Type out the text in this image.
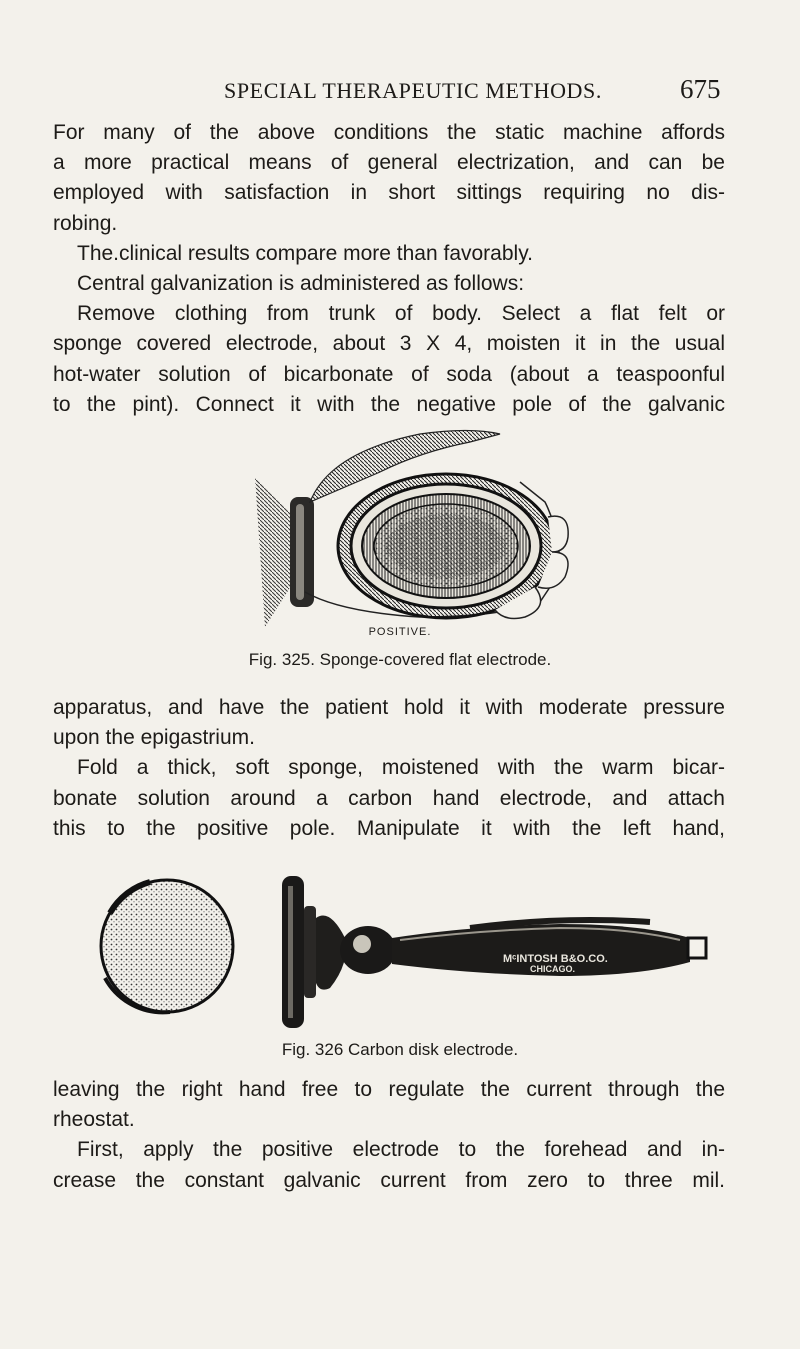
SPECIAL THERAPEUTIC METHODS.	675
For many of the above conditions the static machine affords
a more practical means of general electrization, and can be
employed with satisfaction in short sittings requiring no dis-
robing.
The.clinical results compare more than favorably.
Central galvanization is administered as follows:
Remove clothing from trunk of body. Select a flat felt or
sponge covered electrode, about 3 X 4, moisten it in the usual
hot-water solution of bicarbonate of soda (about a teaspoonful
to the pint). Connect it with the negative pole of the galvanic
POSITIVE.
Fig. 325. Sponge-covered flat electrode.
apparatus, and have the patient hold it with moderate pressure
upon the epigastrium.
Fold a thick, soft sponge, moistened with the warm bicar-
bonate solution around a carbon hand electrode, and attach
this to the positive pole. Manipulate it with the left hand,
MᶜINTOSH B&O.CO.
CHICAGO.
Fig. 326 Carbon disk electrode.
leaving the right hand free to regulate the current through the
rheostat.
First, apply the positive electrode to the forehead and in-
crease the constant galvanic current from zero to three mil.
